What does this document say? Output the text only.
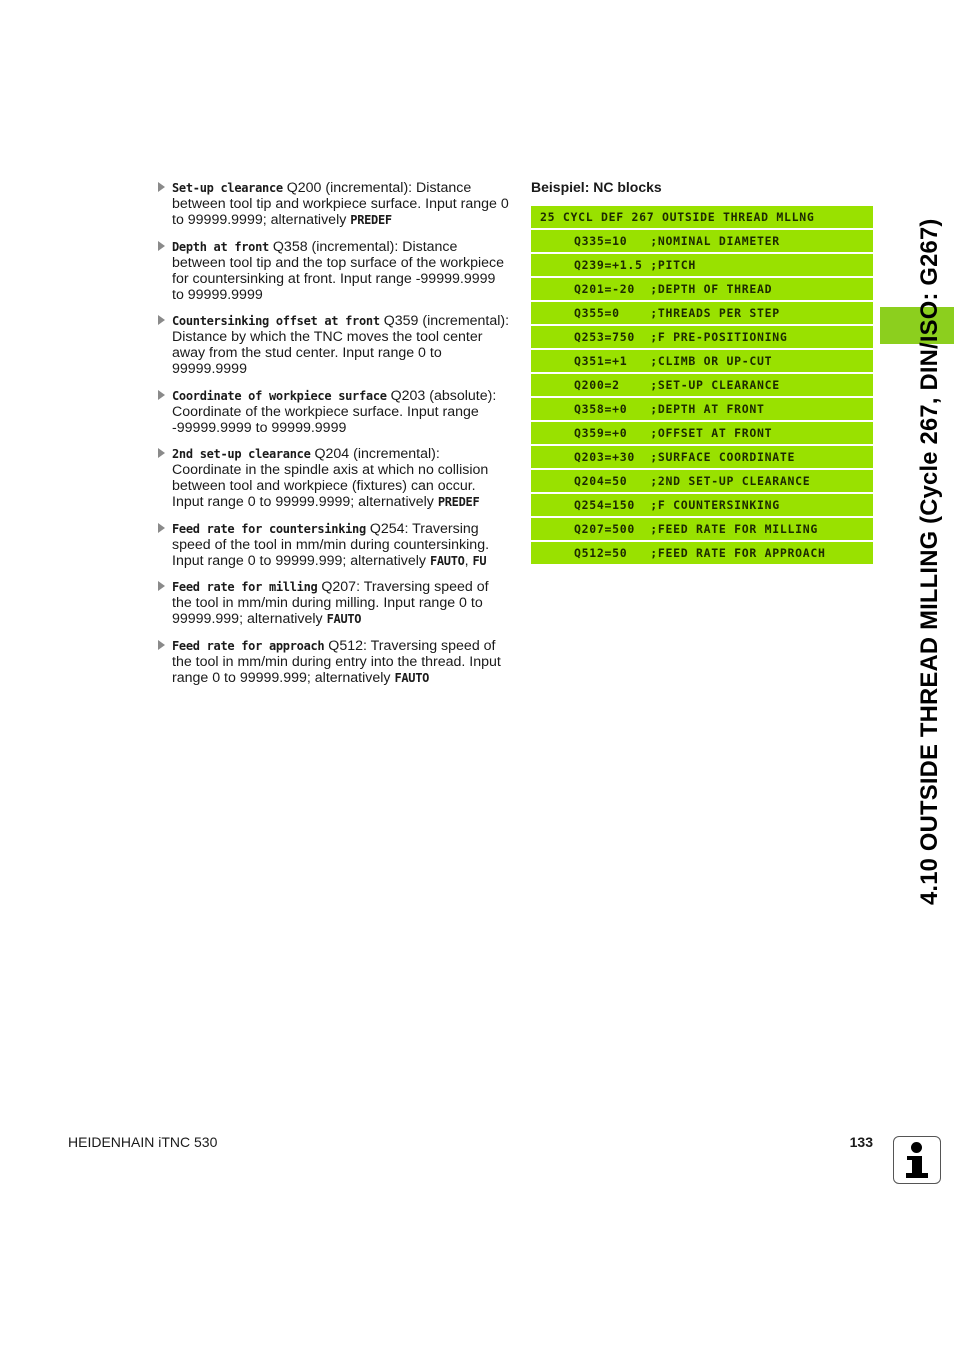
Set-up clearance Q200 (incremental): Distance between tool tip and workpiece surface. Input range 0 to 99999.9999; alternatively PREDEF
Depth at front Q358 (incremental): Distance between tool tip and the top surface of the workpiece for countersinking at front. Input range -99999.9999 to 99999.9999
Countersinking offset at front Q359 (incremental): Distance by which the TNC moves the tool center away from the stud center. Input range 0 to 99999.9999
Coordinate of workpiece surface Q203 (absolute): Coordinate of the workpiece surface. Input range -99999.9999 to 99999.9999
2nd set-up clearance Q204 (incremental): Coordinate in the spindle axis at which no collision between tool and workpiece (fixtures) can occur. Input range 0 to 99999.9999; alternatively PREDEF
Feed rate for countersinking Q254: Traversing speed of the tool in mm/min during countersinking. Input range 0 to 99999.999; alternatively FAUTO, FU
Feed rate for milling Q207: Traversing speed of the tool in mm/min during milling. Input range 0 to 99999.999; alternatively FAUTO
Feed rate for approach Q512: Traversing speed of the tool in mm/min during entry into the thread. Input range 0 to 99999.999; alternatively FAUTO
Beispiel: NC blocks
25 CYCL DEF 267 OUTSIDE THREAD MLLNG
Q335=10   ;NOMINAL DIAMETER
Q239=+1.5 ;PITCH
Q201=-20  ;DEPTH OF THREAD
Q355=0    ;THREADS PER STEP
Q253=750  ;F PRE-POSITIONING
Q351=+1   ;CLIMB OR UP-CUT
Q200=2    ;SET-UP CLEARANCE
Q358=+0   ;DEPTH AT FRONT
Q359=+0   ;OFFSET AT FRONT
Q203=+30  ;SURFACE COORDINATE
Q204=50   ;2ND SET-UP CLEARANCE
Q254=150  ;F COUNTERSINKING
Q207=500  ;FEED RATE FOR MILLING
Q512=50   ;FEED RATE FOR APPROACH	4.10 OUTSIDE THREAD MILLING (Cycle 267, DIN/ISO: G267)
HEIDENHAIN iTNC 530	133
